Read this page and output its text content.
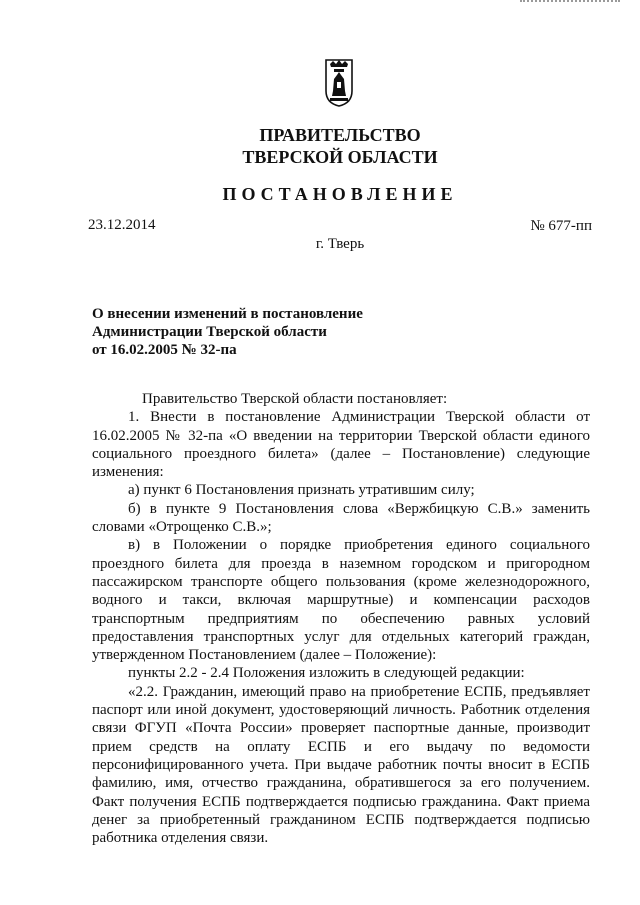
ПРАВИТЕЛЬСТВО
ТВЕРСКОЙ ОБЛАСТИ
ПОСТАНОВЛЕНИЕ
23.12.2014	№ 677-пп
г. Тверь
О внесении изменений в постановление
Администрации Тверской области
от 16.02.2005 № 32-па

Правительство Тверской области постановляет:

1. Внести в постановление Администрации Тверской области от 16.02.2005 № 32-па «О введении на территории Тверской области единого социального проездного билета» (далее – Постановление) следующие изменения:

а) пункт 6 Постановления признать утратившим силу;

б) в пункте 9 Постановления слова «Вержбицкую С.В.» заменить словами «Отрощенко С.В.»;

в) в Положении о порядке приобретения единого социального проездного билета для проезда в наземном городском и пригородном пассажирском транспорте общего пользования (кроме железнодорожного, водного и такси, включая маршрутные) и компенсации расходов транспортным предприятиям по обеспечению равных условий предоставления транспортных услуг для отдельных категорий граждан, утвержденном Постановлением (далее – Положение):

пункты 2.2 - 2.4 Положения изложить в следующей редакции:

«2.2. Гражданин, имеющий право на приобретение ЕСПБ, предъявляет паспорт или иной документ, удостоверяющий личность. Работник отделения связи ФГУП «Почта России» проверяет паспортные данные, производит прием средств на оплату ЕСПБ и его выдачу по ведомости персонифицированного учета. При выдаче работник почты вносит в ЕСПБ фамилию, имя, отчество гражданина, обратившегося за его получением. Факт получения ЕСПБ подтверждается подписью гражданина. Факт приема денег за приобретенный гражданином ЕСПБ подтверждается подписью работника отделения связи.
